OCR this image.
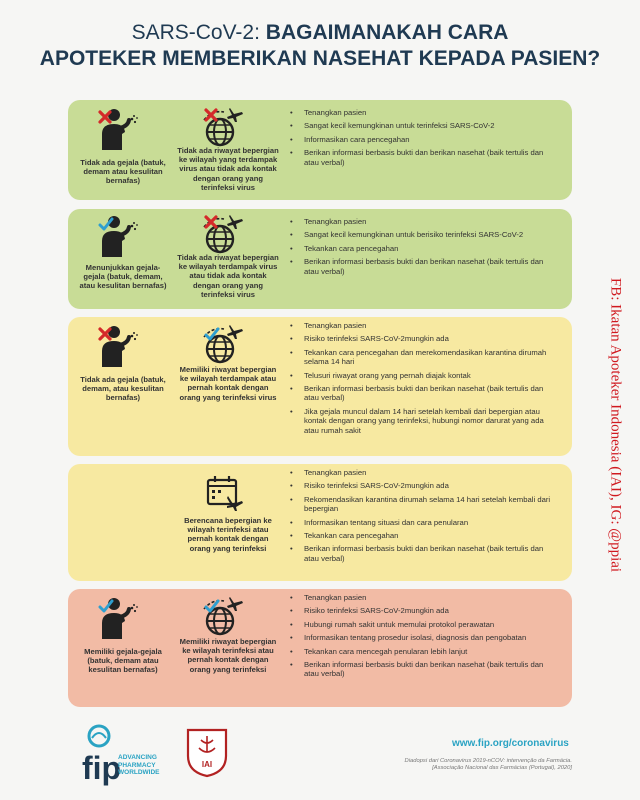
SARS-CoV-2: BAGAIMANAKAH CARA
APOTEKER MEMBERIKAN NASEHAT KEPADA PASIEN?
Tidak ada gejala (batuk, demam atau kesulitan bernafas)
Tidak ada riwayat bepergian ke wilayah yang terdampak virus atau tidak ada kontak dengan orang yang terinfeksi virus
• Tenangkan pasien
• Sangat kecil kemungkinan untuk terinfeksi SARS-CoV-2
• Informasikan cara pencegahan
• Berikan informasi berbasis bukti dan berikan nasehat (baik tertulis dan atau verbal)
Menunjukkan gejala-gejala (batuk, demam, atau kesulitan bernafas)
Tidak ada riwayat bepergian ke wilayah terdampak virus atau tidak ada kontak dengan orang yang terinfeksi virus
• Tenangkan pasien
• Sangat kecil kemungkinan untuk berisiko terinfeksi SARS-CoV-2
• Tekankan cara pencegahan
• Berikan informasi berbasis bukti dan berikan nasehat (baik tertulis dan atau verbal)
Tidak ada gejala (batuk, demam, atau kesulitan bernafas)
Memiliki riwayat bepergian ke wilayah terdampak atau pernah kontak dengan orang yang terinfeksi virus
• Tenangkan pasien
• Risiko terinfeksi SARS-CoV-2mungkin ada
• Tekankan cara pencegahan dan merekomendasikan karantina dirumah selama 14 hari
• Telusuri riwayat orang yang pernah diajak kontak
• Berikan informasi berbasis bukti dan berikan nasehat (baik tertulis dan atau verbal)
• Jika gejala muncul dalam 14 hari setelah kembali dari bepergian atau kontak dengan orang yang terinfeksi, hubungi nomor darurat yang ada atau rumah sakit
Berencana bepergian ke wilayah terinfeksi atau pernah kontak dengan orang yang terinfeksi
• Tenangkan pasien
• Risiko terinfeksi SARS-CoV-2mungkin ada
• Rekomendasikan karantina dirumah selama 14 hari setelah kembali dari bepergian
• Informasikan tentang situasi dan cara penularan
• Tekankan cara pencegahan
• Berikan informasi berbasis bukti dan berikan nasehat (baik tertulis dan atau verbal)
Memiliki gejala-gejala (batuk, demam atau kesulitan bernafas)
Memiliki riwayat bepergian ke wilayah terinfeksi atau pernah kontak dengan orang yang terinfeksi
• Tenangkan pasien
• Risiko terinfeksi SARS-CoV-2mungkin ada
• Hubungi rumah sakit untuk memulai protokol perawatan
• Informasikan tentang prosedur isolasi, diagnosis dan pengobatan
• Tekankan cara mencegah penularan lebih lanjut
• Berikan informasi berbasis bukti dan berikan nasehat (baik tertulis dan atau verbal)
FB: Ikatan Apoteker Indonesia (IAI), IG: @ppiai
fip
ADVANCING
PHARMACY
WORLDWIDE
IAI
www.fip.org/coronavirus
Diadopsi dari Coronavirus 2019-nCOV: intervenção da Farmácia. [Associação Nacional das Farmácias (Portugal), 2020]
